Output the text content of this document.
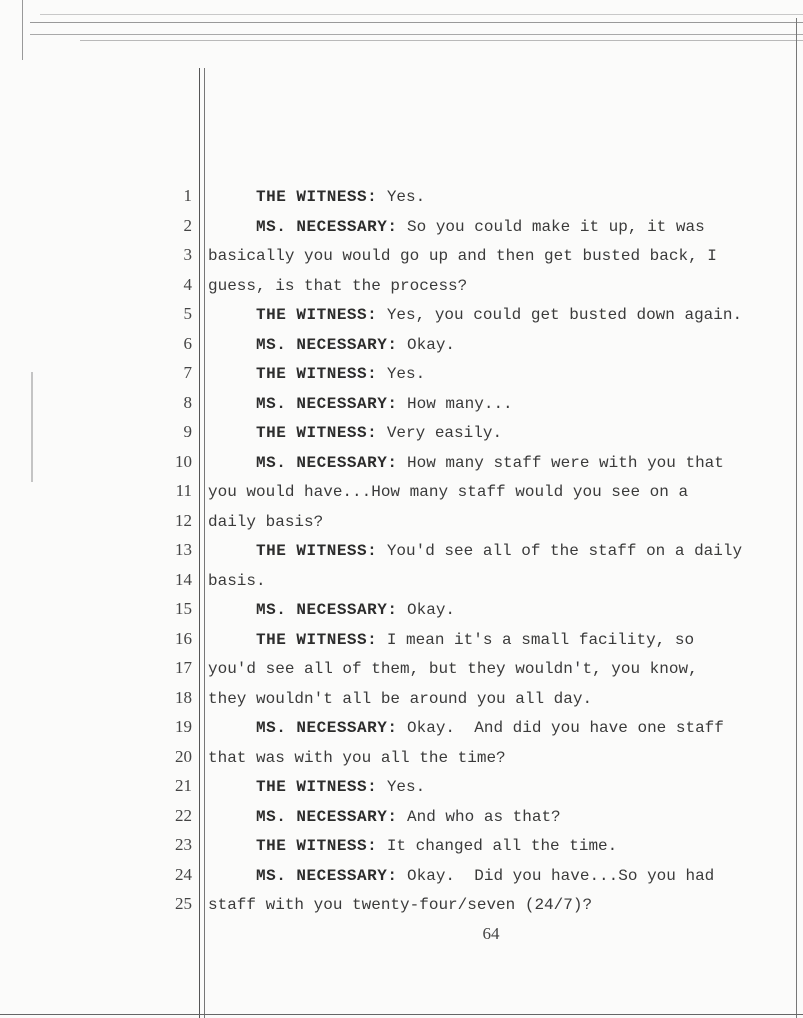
1	THE WITNESS: Yes.
2	MS. NECESSARY: So you could make it up, it was
3 basically you would go up and then get busted back, I
4 guess, is that the process?
5	THE WITNESS: Yes, you could get busted down again.
6	MS. NECESSARY: Okay.
7	THE WITNESS: Yes.
8	MS. NECESSARY: How many...
9	THE WITNESS: Very easily.
10	MS. NECESSARY: How many staff were with you that
11 you would have...How many staff would you see on a
12 daily basis?
13	THE WITNESS: You'd see all of the staff on a daily
14 basis.
15	MS. NECESSARY: Okay.
16	THE WITNESS: I mean it's a small facility, so
17 you'd see all of them, but they wouldn't, you know,
18 they wouldn't all be around you all day.
19	MS. NECESSARY: Okay.  And did you have one staff
20 that was with you all the time?
21	THE WITNESS: Yes.
22	MS. NECESSARY: And who as that?
23	THE WITNESS: It changed all the time.
24	MS. NECESSARY: Okay.  Did you have...So you had
25 staff with you twenty-four/seven (24/7)?
64
